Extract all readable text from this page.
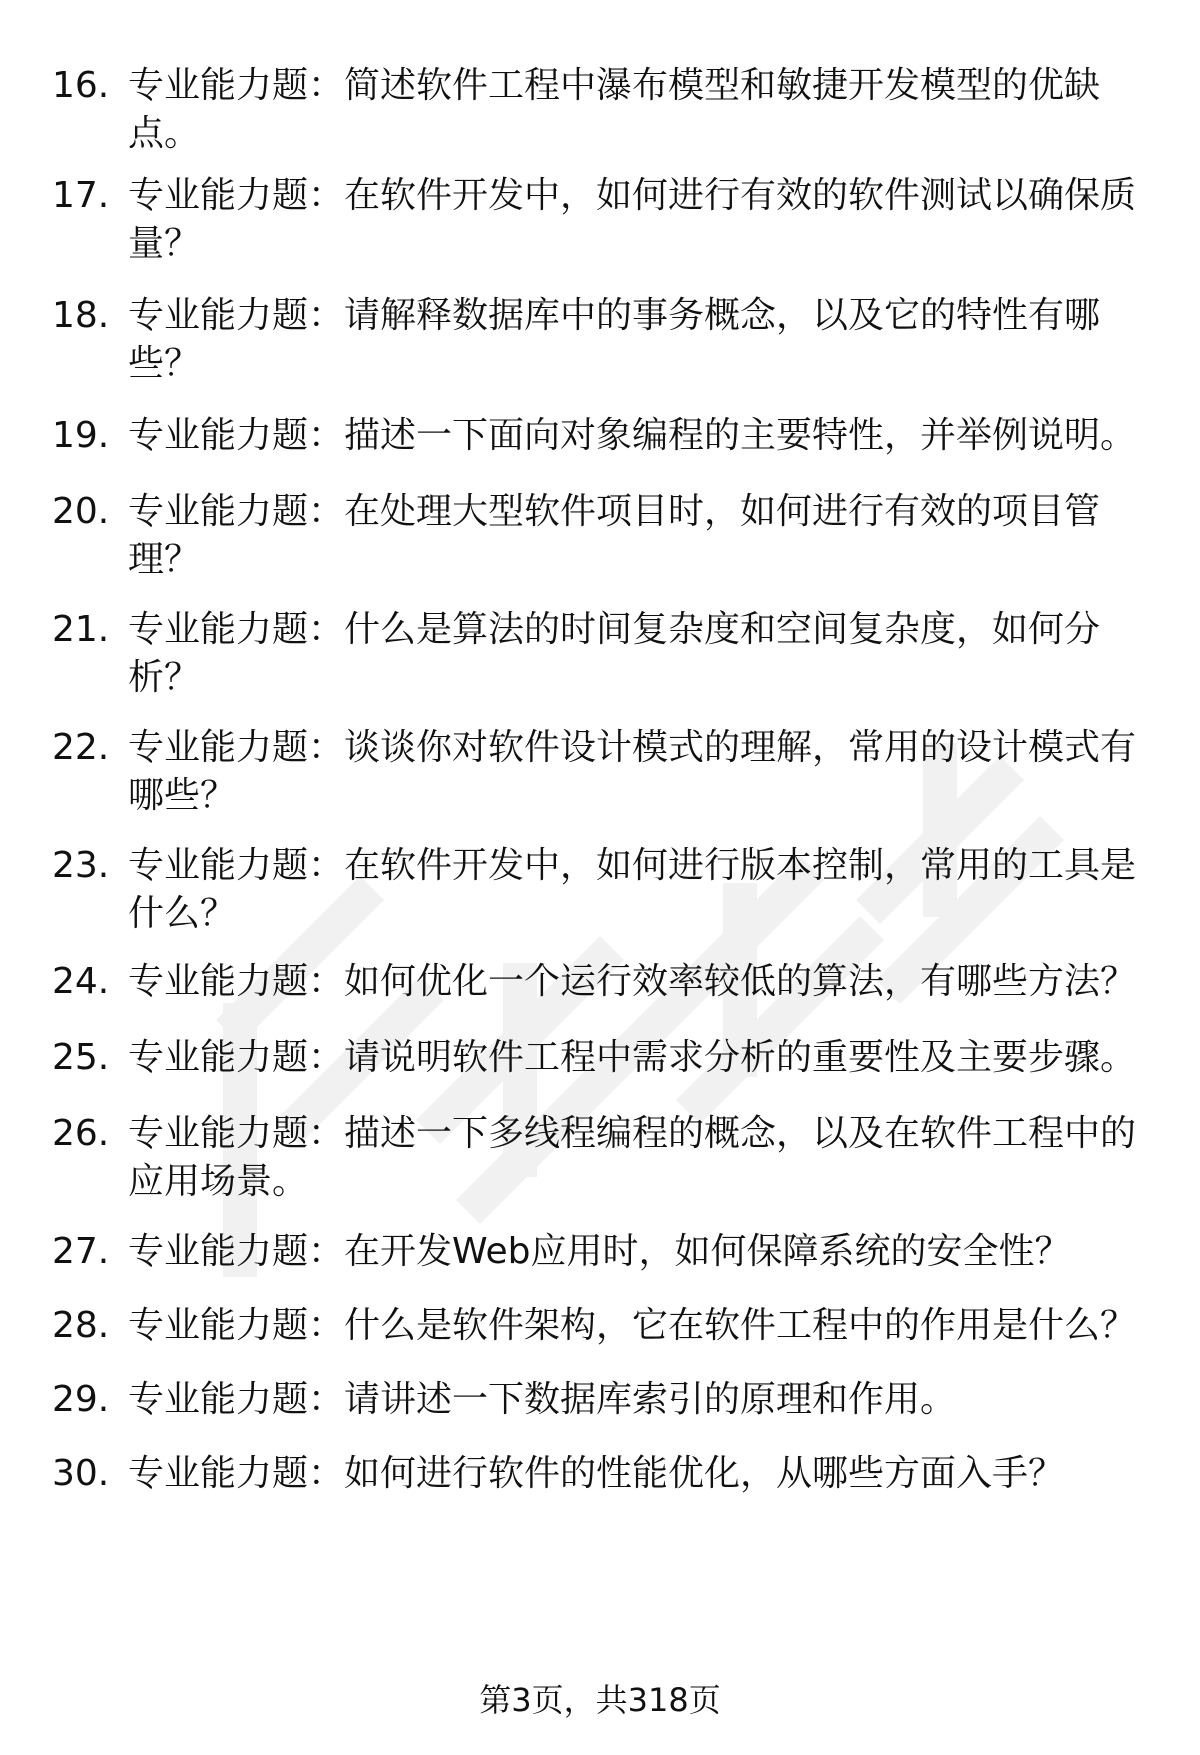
16. 专业能力题：简述软件工程中瀑布模型和敏捷开发模型的优缺点。
17. 专业能力题：在软件开发中，如何进行有效的软件测试以确保质量？
18. 专业能力题：请解释数据库中的事务概念，以及它的特性有哪些？
19. 专业能力题：描述一下面向对象编程的主要特性，并举例说明。
20. 专业能力题：在处理大型软件项目时，如何进行有效的项目管理？
21. 专业能力题：什么是算法的时间复杂度和空间复杂度，如何分析？
22. 专业能力题：谈谈你对软件设计模式的理解，常用的设计模式有哪些？
23. 专业能力题：在软件开发中，如何进行版本控制，常用的工具是什么？
24. 专业能力题：如何优化一个运行效率较低的算法，有哪些方法？
25. 专业能力题：请说明软件工程中需求分析的重要性及主要步骤。
26. 专业能力题：描述一下多线程编程的概念，以及在软件工程中的应用场景。
27. 专业能力题：在开发Web应用时，如何保障系统的安全性？
28. 专业能力题：什么是软件架构，它在软件工程中的作用是什么？
29. 专业能力题：请讲述一下数据库索引的原理和作用。
30. 专业能力题：如何进行软件的性能优化，从哪些方面入手？
第3页，共318页
